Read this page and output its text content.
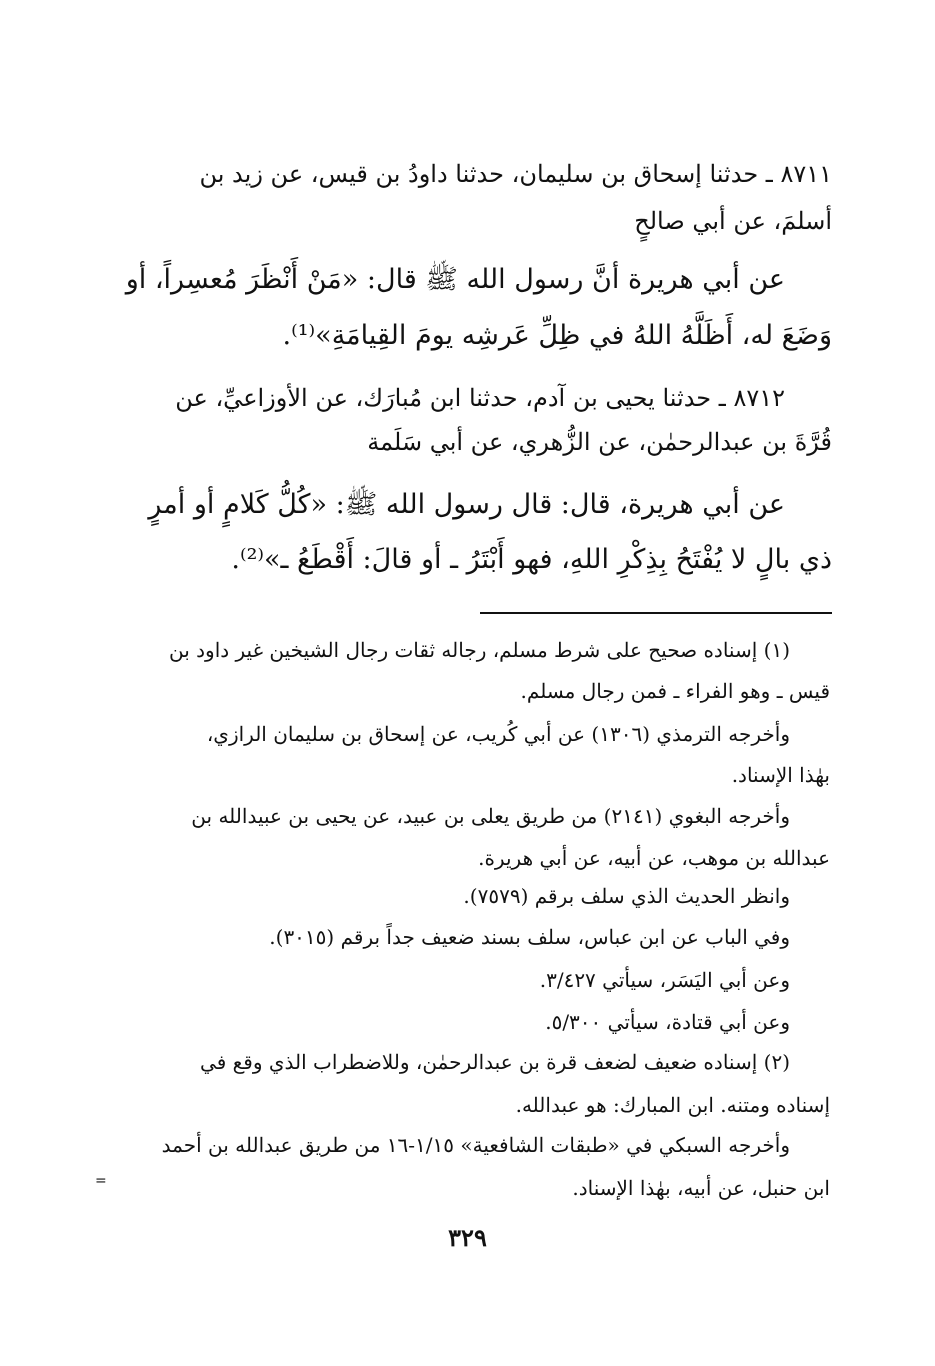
٨٧١١ ـ حدثنا إسحاق بن سليمان، حدثنا داودُ بن قيس، عن زيد بن

أسلمَ، عن أبي صالحٍ

عن أبي هريرة أنَّ رسول الله ﷺ قال: «مَنْ أَنْظَرَ مُعسِراً، أو

وَضَعَ له، أَظَلَّهُ اللهُ في ظِلِّ عَرشِه يومَ القِيامَةِ»⁽¹⁾.

٨٧١٢ ـ حدثنا يحيى بن آدم، حدثنا ابن مُبارَك، عن الأوزاعيِّ، عن

قُرَّةَ بن عبدالرحمٰن، عن الزُّهري، عن أبي سَلَمة

عن أبي هريرة، قال: قال رسول الله ﷺ: «كُلُّ كَلامٍ أو أمرٍ

ذي بالٍ لا يُفْتَحُ بِذِكْرِ اللهِ، فهو أَبْتَرُ ـ أو قالَ: أَقْطَعُ ـ»⁽²⁾.

(١) إسناده صحيح على شرط مسلم، رجاله ثقات رجال الشيخين غير داود بن

قيس ـ وهو الفراء ـ فمن رجال مسلم.

وأخرجه الترمذي (١٣٠٦) عن أبي كُريب، عن إسحاق بن سليمان الرازي،

بهٰذا الإسناد.

وأخرجه البغوي (٢١٤١) من طريق يعلى بن عبيد، عن يحيى بن عبيدالله بن

عبدالله بن موهب، عن أبيه، عن أبي هريرة.

وانظر الحديث الذي سلف برقم (٧٥٧٩).

وفي الباب عن ابن عباس، سلف بسند ضعيف جداً برقم (٣٠١٥).

وعن أبي اليَسَر، سيأتي ٣/٤٢٧.

وعن أبي قتادة، سيأتي ٥/٣٠٠.

(٢) إسناده ضعيف لضعف قرة بن عبدالرحمٰن، وللاضطراب الذي وقع في

إسناده ومتنه. ابن المبارك: هو عبدالله.

وأخرجه السبكي في «طبقات الشافعية» ١/١٥-١٦ من طريق عبدالله بن أحمد

ابن حنبل، عن أبيه، بهٰذا الإسناد.

=
٣٢٩
